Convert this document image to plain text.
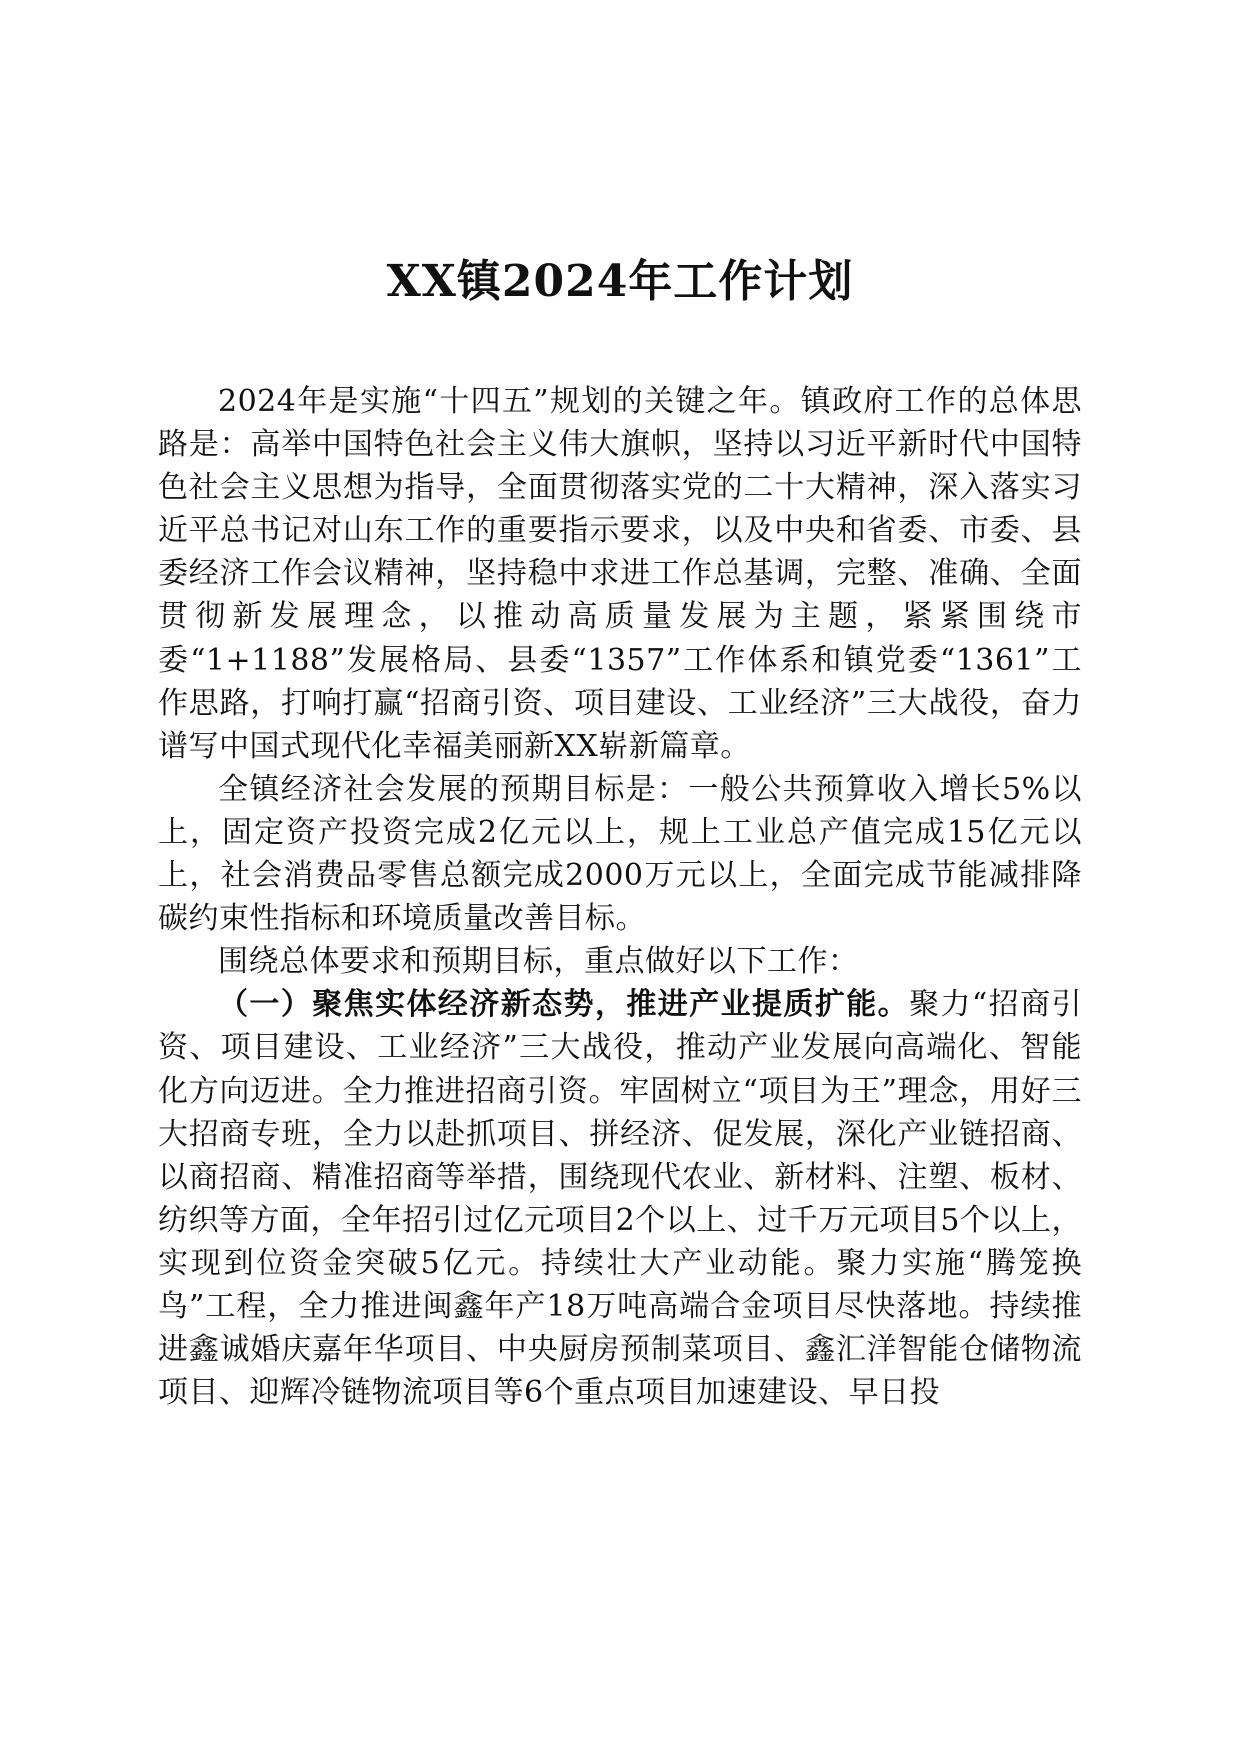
XX镇2024年工作计划

2024年是实施“十四五”规划的关键之年。镇政府工作的总体思路是：高举中国特色社会主义伟大旗帜，坚持以习近平新时代中国特色社会主义思想为指导，全面贯彻落实党的二十大精神，深入落实习近平总书记对山东工作的重要指示要求，以及中央和省委、市委、县委经济工作会议精神，坚持稳中求进工作总基调，完整、准确、全面贯彻新发展理念，以推动高质量发展为主题，紧紧围绕市委“1+1188”发展格局、县委“1357”工作体系和镇党委“1361”工作思路，打响打赢“招商引资、项目建设、工业经济”三大战役，奋力谱写中国式现代化幸福美丽新XX崭新篇章。

全镇经济社会发展的预期目标是：一般公共预算收入增长5%以上，固定资产投资完成2亿元以上，规上工业总产值完成15亿元以上，社会消费品零售总额完成2000万元以上，全面完成节能减排降碳约束性指标和环境质量改善目标。

围绕总体要求和预期目标，重点做好以下工作：

（一）聚焦实体经济新态势，推进产业提质扩能。聚力“招商引资、项目建设、工业经济”三大战役，推动产业发展向高端化、智能化方向迈进。全力推进招商引资。牢固树立“项目为王”理念，用好三大招商专班，全力以赴抓项目、拼经济、促发展，深化产业链招商、以商招商、精准招商等举措，围绕现代农业、新材料、注塑、板材、纺织等方面，全年招引过亿元项目2个以上、过千万元项目5个以上，实现到位资金突破5亿元。持续壮大产业动能。聚力实施“腾笼换鸟”工程，全力推进闽鑫年产18万吨高端合金项目尽快落地。持续推进鑫诚婚庆嘉年华项目、中央厨房预制菜项目、鑫汇洋智能仓储物流项目、迎辉冷链物流项目等6个重点项目加速建设、早日投
